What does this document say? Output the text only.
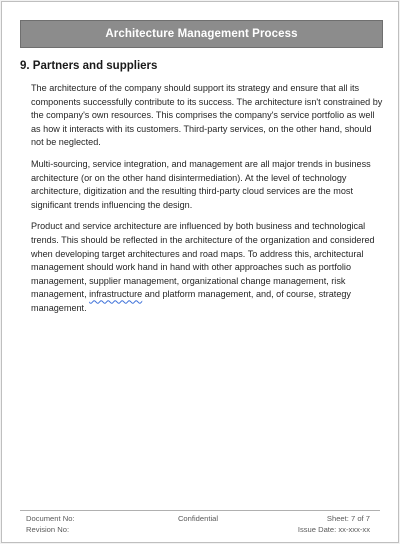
Architecture Management Process
9. Partners and suppliers

The architecture of the company should support its strategy and ensure that all its components successfully contribute to its success. The architecture isn't constrained by the company's own resources. This comprises the company's service portfolio as well as how it interacts with its customers. Third-party services, on the other hand, should not be neglected.

Multi-sourcing, service integration, and management are all major trends in business architecture (or on the other hand disintermediation). At the level of technology architecture, digitization and the resulting third-party cloud services are the most significant trends influencing the design.

Product and service architecture are influenced by both business and technological trends. This should be reflected in the architecture of the organization and considered when developing target architectures and road maps. To address this, architectural management should work hand in hand with other approaches such as portfolio management, supplier management, organizational change management, risk management, infrastructure and platform management, and, of course, strategy management.

Document No:	Confidential	Sheet: 7 of 7
Revision No:	Issue Date: xx-xxx-xx
